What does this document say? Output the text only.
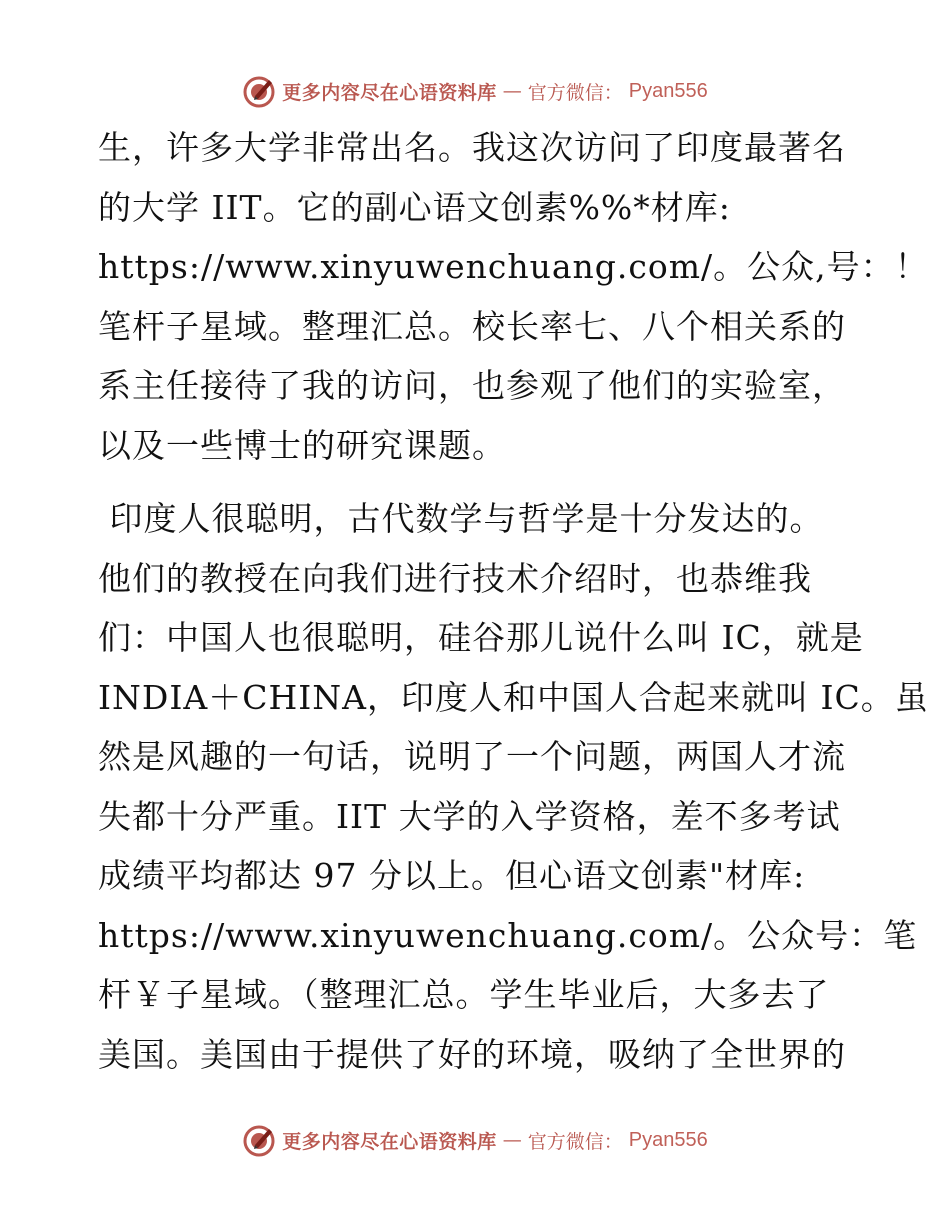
更多内容尽在心语资料库 — 官方微信： Pyan556
生，许多大学非常出名。我这次访问了印度最著名
的大学 IIT。它的副心语文创素%%*材库:
https://www.xinyuwenchuang.com/。公众,号：！
笔杆子星域。整理汇总。校长率七、八个相关系的
系主任接待了我的访问，也参观了他们的实验室，
以及一些博士的研究课题。
印度人很聪明，古代数学与哲学是十分发达的。
他们的教授在向我们进行技术介绍时，也恭维我
们：中国人也很聪明，硅谷那儿说什么叫 IC，就是
INDIA＋CHINA，印度人和中国人合起来就叫 IC。虽
然是风趣的一句话，说明了一个问题，两国人才流
失都十分严重。IIT 大学的入学资格，差不多考试
成绩平均都达 97 分以上。但心语文创素"材库:
https://www.xinyuwenchuang.com/。公众号：笔
杆￥子星域。（整理汇总。学生毕业后，大多去了
美国。美国由于提供了好的环境，吸纳了全世界的
更多内容尽在心语资料库 — 官方微信： Pyan556
